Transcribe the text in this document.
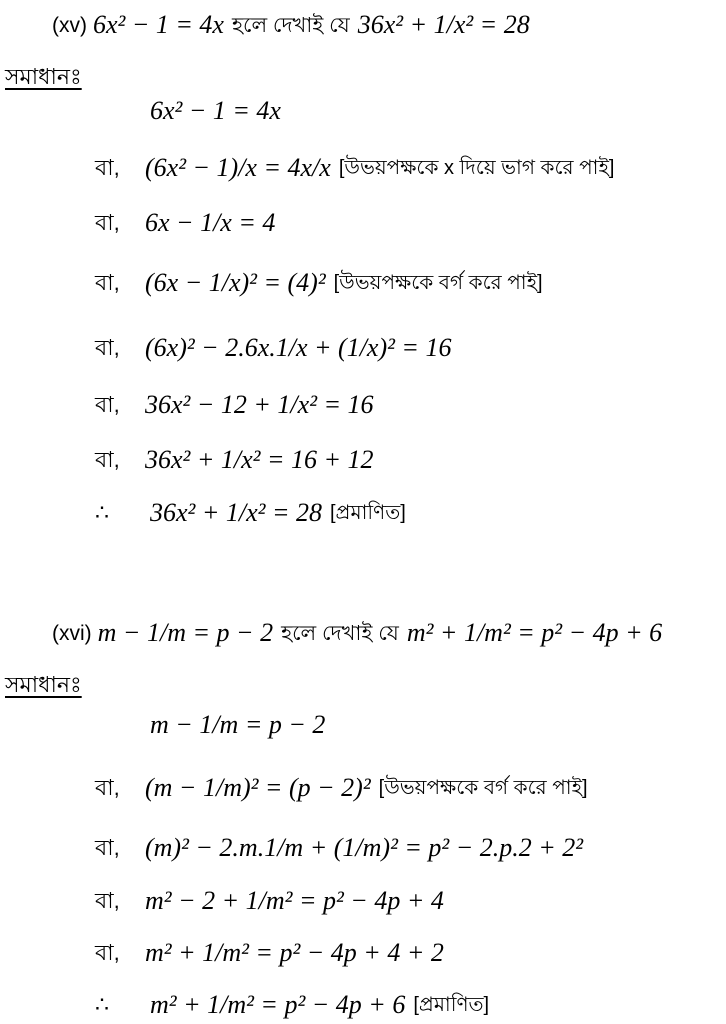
(xv) 6x² − 1 = 4x হলে দেখাই যে 36x² + 1/x² = 28
সমাধানঃ
6x² − 1 = 4x
বা, (6x² − 1)/x = 4x/x [উভয়পক্ষকে x দিয়ে ভাগ করে পাই]
বা, 6x − 1/x = 4
বা, (6x − 1/x)² = (4)² [উভয়পক্ষকে বর্গ করে পাই]
বা, (6x)² − 2.6x.1/x + (1/x)² = 16
বা, 36x² − 12 + 1/x² = 16
বা, 36x² + 1/x² = 16 + 12
∴	36x² + 1/x² = 28 [প্রমাণিত]
(xvi) m − 1/m = p − 2 হলে দেখাই যে m² + 1/m² = p² − 4p + 6
সমাধানঃ
m − 1/m = p − 2
বা, (m − 1/m)² = (p − 2)² [উভয়পক্ষকে বর্গ করে পাই]
বা, (m)² − 2.m.1/m + (1/m)² = p² − 2.p.2 + 2²
বা, m² − 2 + 1/m² = p² − 4p + 4
বা, m² + 1/m² = p² − 4p + 4 + 2
∴	m² + 1/m² = p² − 4p + 6 [প্রমাণিত]
